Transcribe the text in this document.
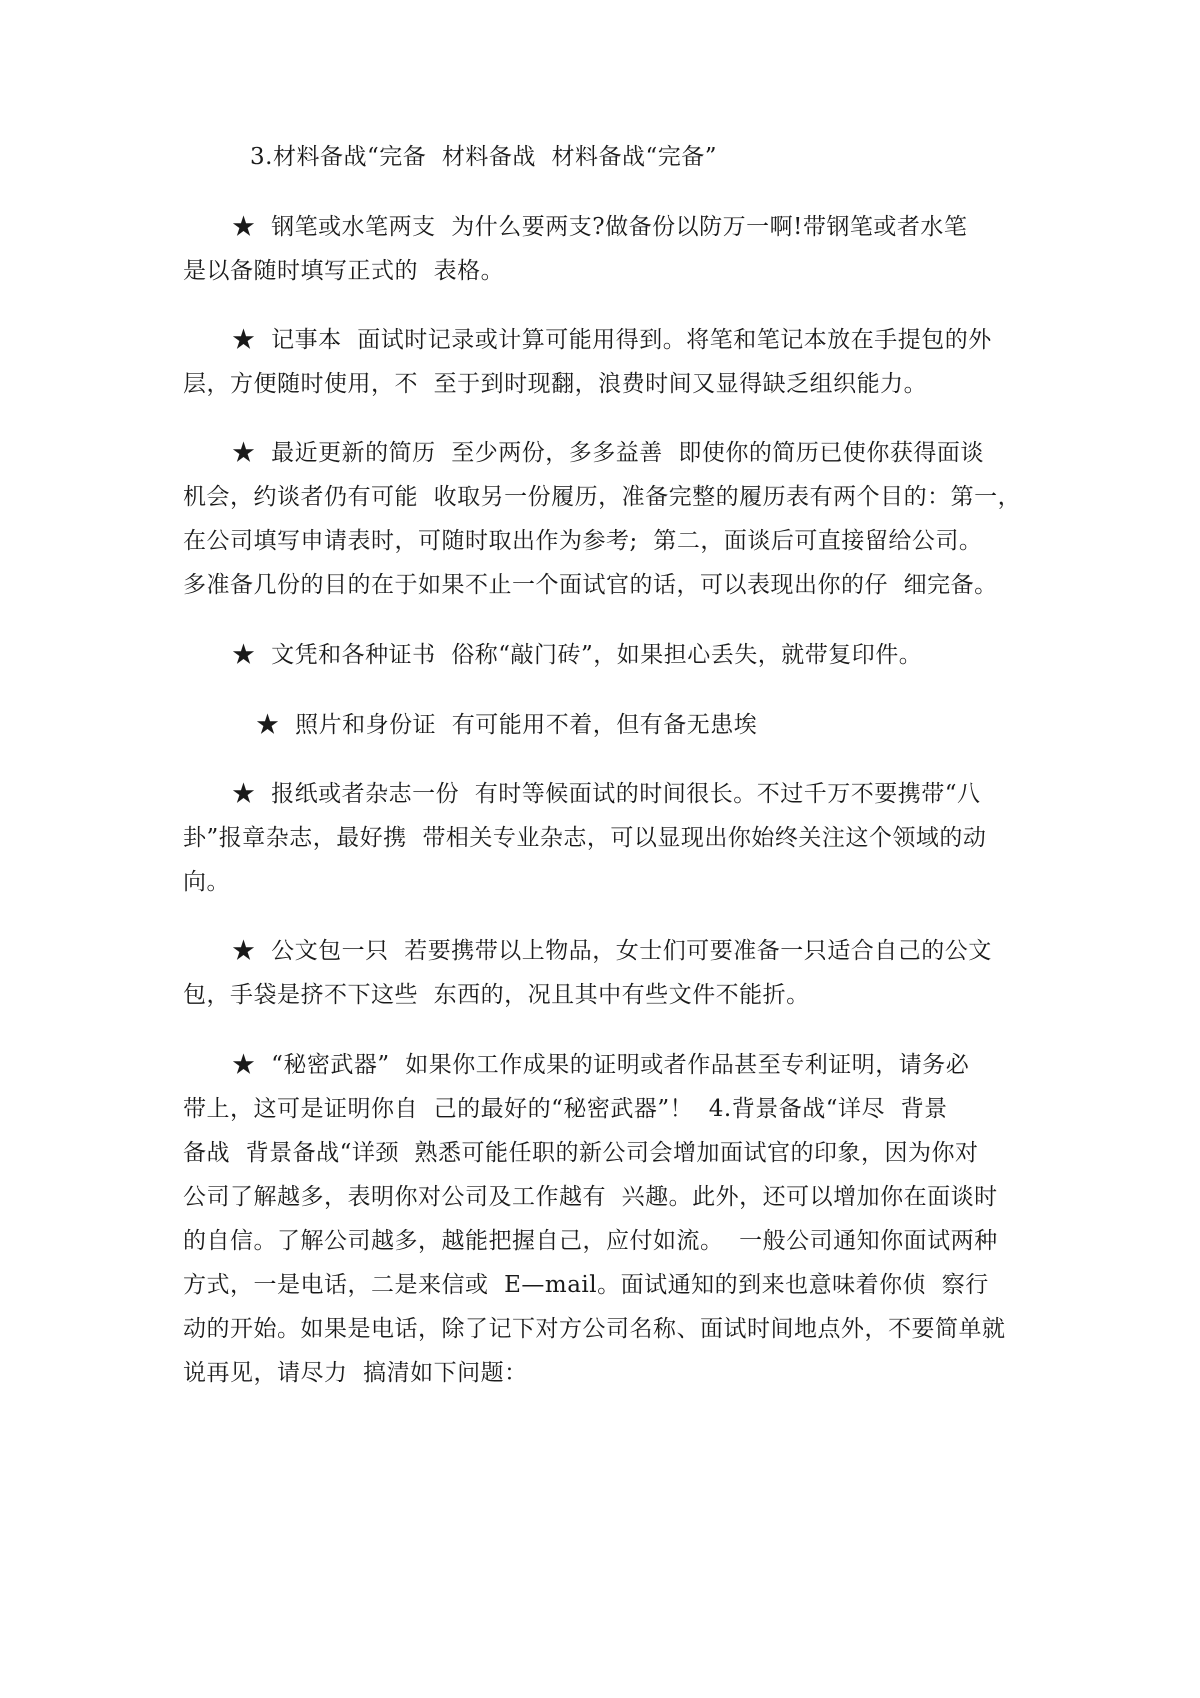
3.材料备战“完备  材料备战  材料备战“完备”
★  钢笔或水笔两支  为什么要两支?做备份以防万一啊!带钢笔或者水笔
是以备随时填写正式的  表格。
★  记事本  面试时记录或计算可能用得到。将笔和笔记本放在手提包的外
层，方便随时使用，不  至于到时现翻，浪费时间又显得缺乏组织能力。
★  最近更新的简历  至少两份，多多益善  即使你的简历已使你获得面谈
机会，约谈者仍有可能  收取另一份履历，准备完整的履历表有两个目的：第一，
在公司填写申请表时，可随时取出作为参考;  第二，面谈后可直接留给公司。
多准备几份的目的在于如果不止一个面试官的话，可以表现出你的仔  细完备。
★  文凭和各种证书  俗称“敲门砖”，如果担心丢失，就带复印件。
★  照片和身份证  有可能用不着，但有备无患埃
★  报纸或者杂志一份  有时等候面试的时间很长。不过千万不要携带“八
卦”报章杂志，最好携  带相关专业杂志，可以显现出你始终关注这个领域的动
向。
★  公文包一只  若要携带以上物品，女士们可要准备一只适合自己的公文
包，手袋是挤不下这些  东西的，况且其中有些文件不能折。
★  “秘密武器”  如果你工作成果的证明或者作品甚至专利证明，请务必
带上，这可是证明你自  己的最好的“秘密武器”！  4.背景备战“详尽  背景
备战  背景备战“详颈  熟悉可能任职的新公司会增加面试官的印象，因为你对
公司了解越多，表明你对公司及工作越有  兴趣。此外，还可以增加你在面谈时
的自信。了解公司越多，越能把握自己，应付如流。  一般公司通知你面试两种
方式，一是电话，二是来信或  E—mail。面试通知的到来也意味着你侦  察行
动的开始。如果是电话，除了记下对方公司名称、面试时间地点外，不要简单就
说再见，请尽力  搞清如下问题：
